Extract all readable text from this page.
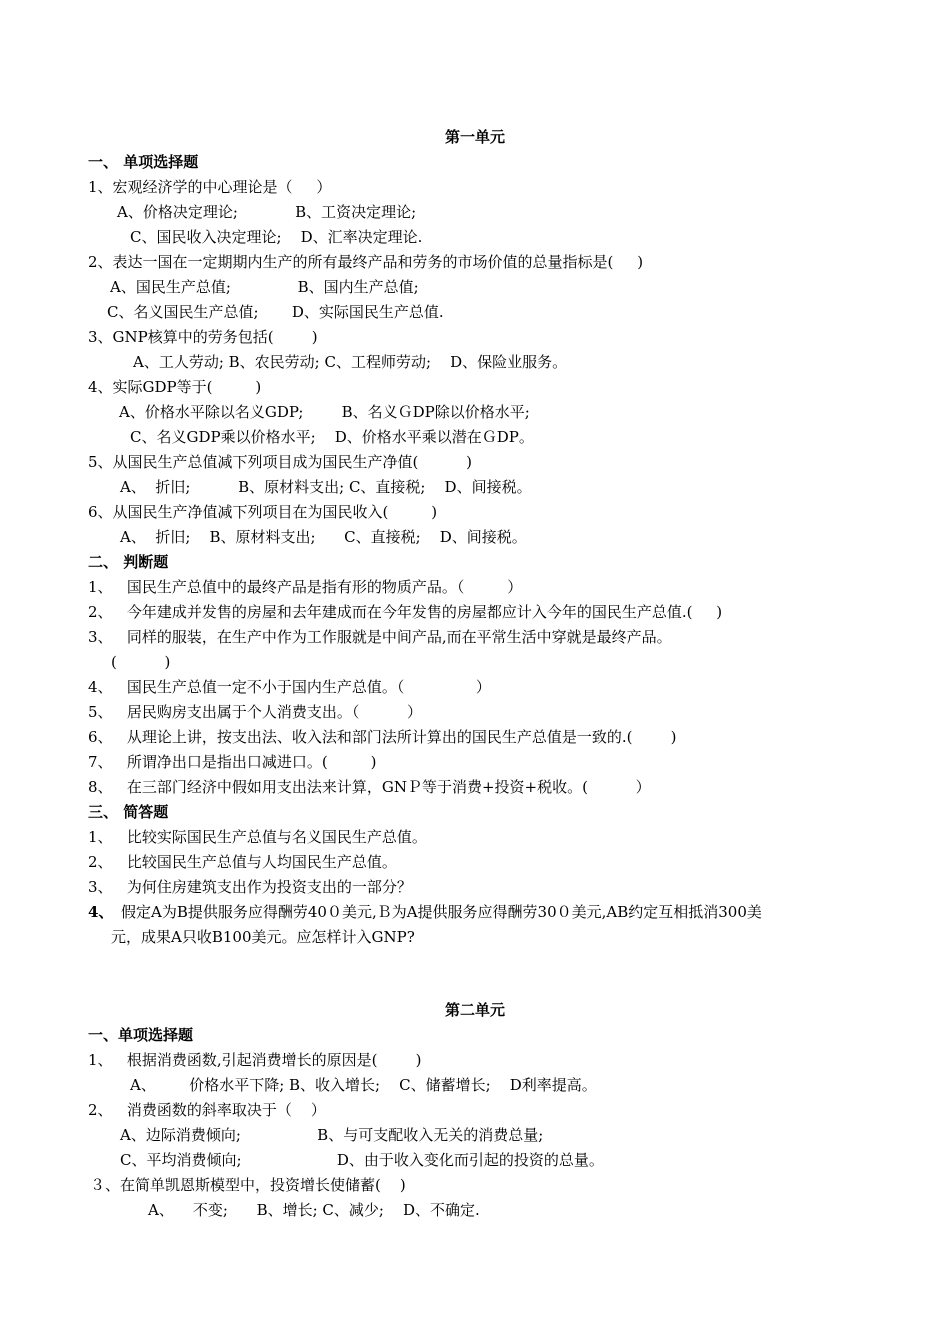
第一单元
一、 单项选择题
1、宏观经济学的中心理论是（     ）
A、价格决定理论;            B、工资决定理论;
C、国民收入决定理论;    D、汇率决定理论.
2、表达一国在一定期期内生产的所有最终产品和劳务的市场价值的总量指标是(     )
A、国民生产总值;              B、国内生产总值;
C、名义国民生产总值;       D、实际国民生产总值.
3、GNP核算中的劳务包括(        )
A、工人劳动; B、农民劳动; C、工程师劳动;    D、保险业服务。
4、实际GDP等于(         )
A、价格水平除以名义GDP;        B、名义ＧDP除以价格水平;
C、名义GDP乘以价格水平;    D、价格水平乘以潜在ＧDP。
5、从国民生产总值减下列项目成为国民生产净值(          )
A、  折旧;          B、原材料支出; C、直接税;    D、间接税。
6、从国民生产净值减下列项目在为国民收入(         )
A、  折旧;    B、原材料支出;      C、直接税;    D、间接税。
二、 判断题
1、   国民生产总值中的最终产品是指有形的物质产品。（         ）
2、   今年建成并发售的房屋和去年建成而在今年发售的房屋都应计入今年的国民生产总值.(     )
3、   同样的服装，在生产中作为工作服就是中间产品,而在平常生活中穿就是最终产品。
(          )
4、   国民生产总值一定不小于国内生产总值。（               ）
5、   居民购房支出属于个人消费支出。（          ）
6、   从理论上讲，按支出法、收入法和部门法所计算出的国民生产总值是一致的.(        )
7、   所谓净出口是指出口减进口。(         )
8、   在三部门经济中假如用支出法来计算，GNＰ等于消费+投资+税收。(          ）
三、 简答题
1、   比较实际国民生产总值与名义国民生产总值。
2、   比较国民生产总值与人均国民生产总值。
3、   为何住房建筑支出作为投资支出的一部分？
4、 假定A为B提供服务应得酬劳40０美元,Ｂ为A提供服务应得酬劳30０美元,AB约定互相抵消300美
元，成果A只收B100美元。应怎样计入GNP?
第二单元
一、单项选择题
1、   根据消费函数,引起消费增长的原因是(        )
A、       价格水平下降; B、收入增长;    C、储蓄增长;    D利率提高。
2、   消费函数的斜率取决于（    ）
A、边际消费倾向;                B、与可支配收入无关的消费总量;
C、平均消费倾向;                    D、由于收入变化而引起的投资的总量。
３、在简单凯恩斯模型中，投资增长使储蓄(    )
A、    不变;      B、增长; C、减少;    D、不确定.
